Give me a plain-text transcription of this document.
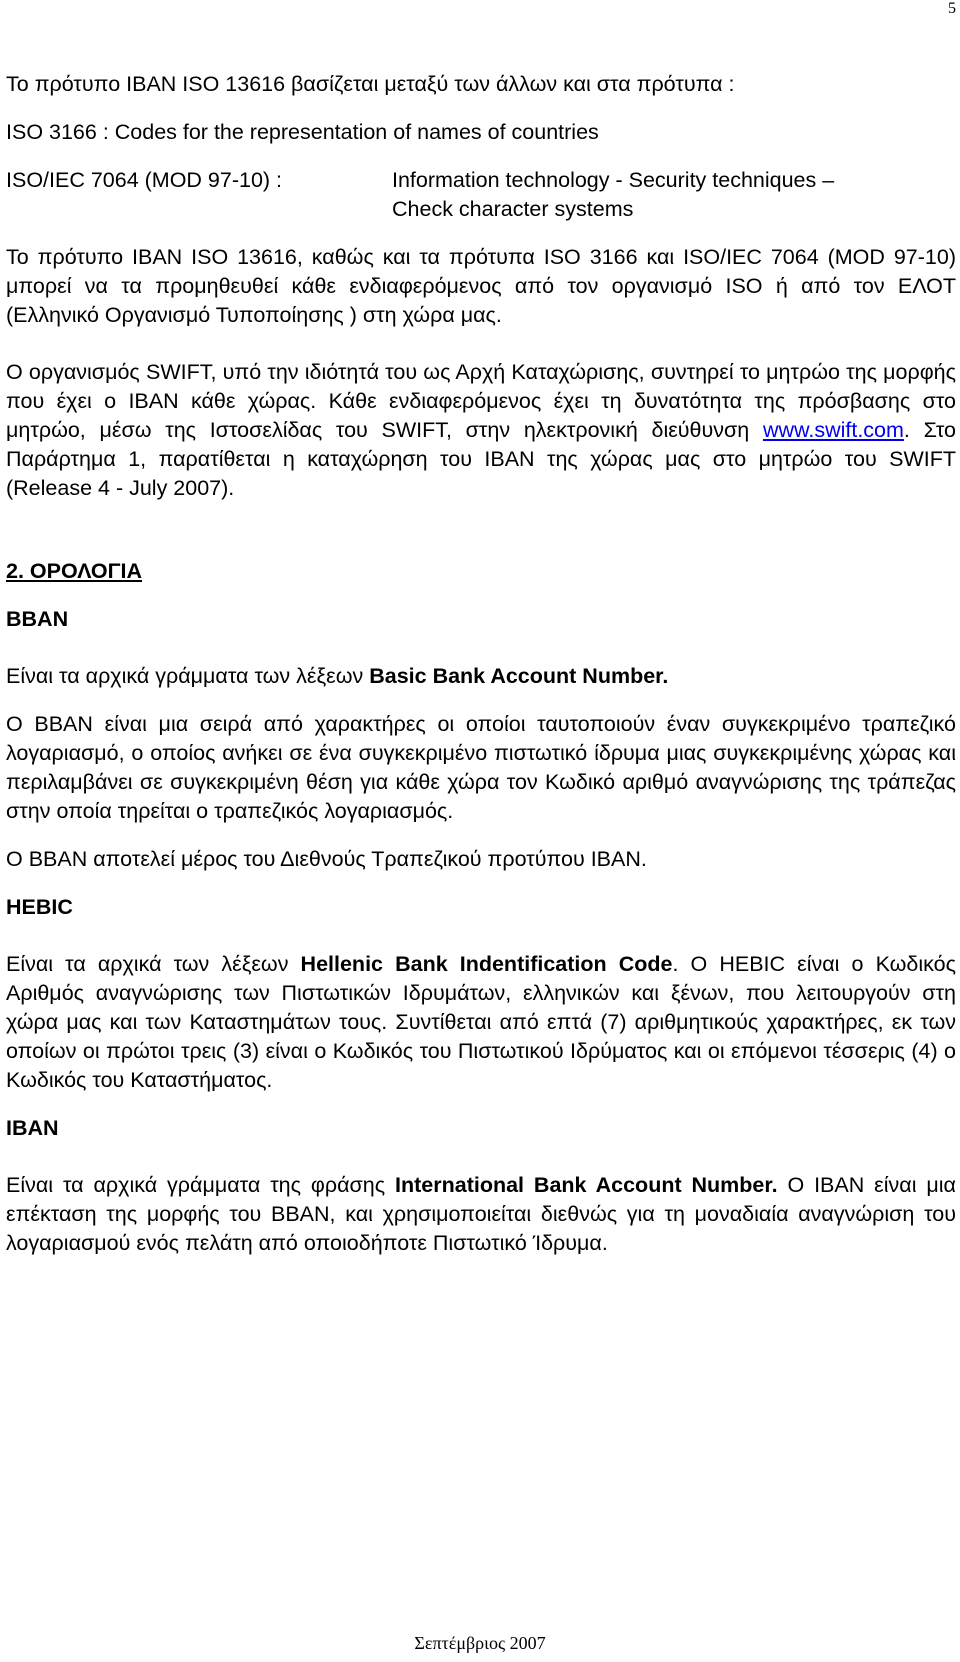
5
Το πρότυπο IBAN ISO 13616 βασίζεται μεταξύ των άλλων και στα πρότυπα :
ISO 3166 : Codes for the representation of names of countries
ISO/IEC 7064 (MOD 97-10) :	Information technology - Security techniques –
Check character systems
Το πρότυπο IBAN ISO 13616, καθώς και τα πρότυπα ISO 3166 και ISO/IEC 7064 (MOD 97-10) μπορεί να τα προμηθευθεί κάθε ενδιαφερόμενος από τον οργανισμό ISO ή από τον ΕΛΟΤ (Ελληνικό Οργανισμό Τυποποίησης ) στη χώρα μας.
Ο οργανισμός SWIFT, υπό την ιδιότητά του ως Αρχή Καταχώρισης, συντηρεί το μητρώο της μορφής που έχει ο IBAN κάθε χώρας. Κάθε ενδιαφερόμενος έχει τη δυνατότητα της πρόσβασης στο μητρώο, μέσω της Ιστοσελίδας του SWIFT, στην ηλεκτρονική διεύθυνση www.swift.com. Στο Παράρτημα 1, παρατίθεται η καταχώρηση του IBAN της χώρας μας στο μητρώο του SWIFT (Release 4 - July 2007).
2. ΟΡΟΛΟΓΙΑ
BBAN
Είναι τα αρχικά γράμματα των λέξεων Basic Bank Account Number.
Ο BBAN είναι μια σειρά από χαρακτήρες οι οποίοι ταυτοποιούν έναν συγκεκριμένο τραπεζικό λογαριασμό, ο οποίος ανήκει σε ένα συγκεκριμένο πιστωτικό ίδρυμα μιας συγκεκριμένης χώρας και περιλαμβάνει σε συγκεκριμένη θέση για κάθε χώρα τον Κωδικό αριθμό αναγνώρισης της τράπεζας στην οποία τηρείται ο τραπεζικός λογαριασμός.
Ο BBAN αποτελεί μέρος του Διεθνούς Τραπεζικού προτύπου IBAN.
HEBIC
Είναι τα αρχικά των λέξεων Hellenic Bank Indentification Code. Ο HEBIC είναι ο Κωδικός Αριθμός αναγνώρισης των Πιστωτικών Ιδρυμάτων, ελληνικών και ξένων, που λειτουργούν στη χώρα μας και των Καταστημάτων τους. Συντίθεται από επτά (7) αριθμητικούς χαρακτήρες, εκ των οποίων οι πρώτοι τρεις (3) είναι ο Κωδικός του Πιστωτικού Ιδρύματος και οι επόμενοι τέσσερις (4) ο Κωδικός του Καταστήματος.
IBAN
Είναι τα αρχικά γράμματα της φράσης International Bank Account Number. Ο IBAN είναι μια επέκταση της μορφής του BBAN, και χρησιμοποιείται διεθνώς για τη μοναδιαία αναγνώριση του λογαριασμού ενός πελάτη από οποιοδήποτε Πιστωτικό Ίδρυμα.
Σεπτέμβριος 2007
